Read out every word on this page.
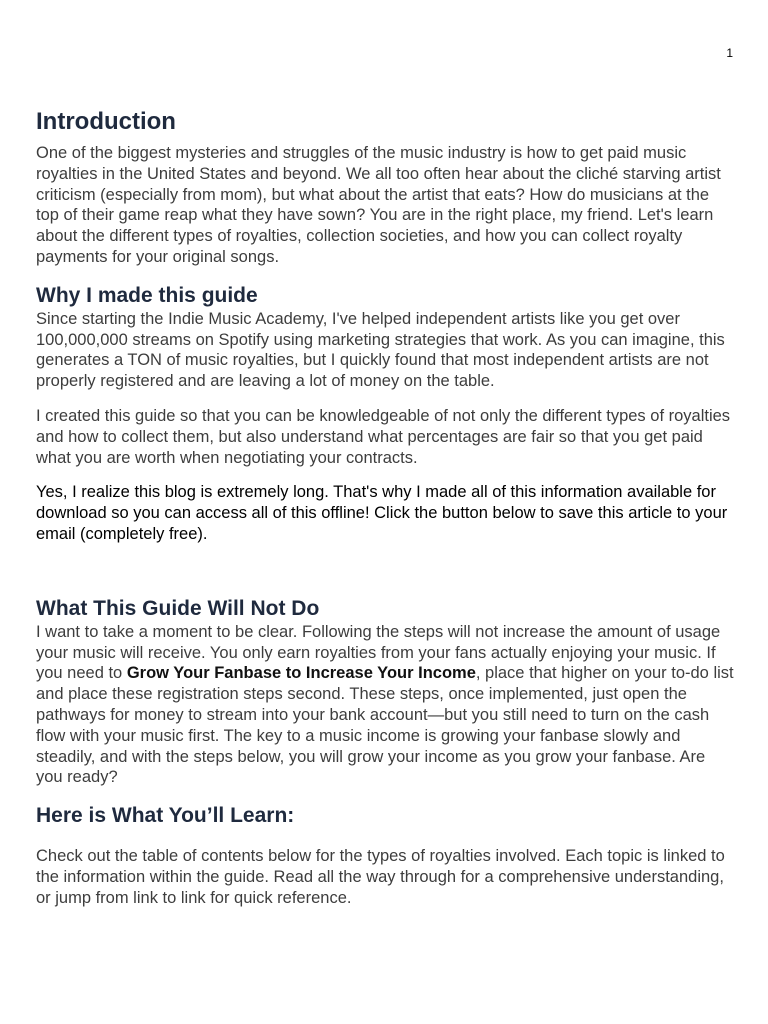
1
Introduction

One of the biggest mysteries and struggles of the music industry is how to get paid music royalties in the United States and beyond. We all too often hear about the cliché starving artist criticism (especially from mom), but what about the artist that eats? How do musicians at the top of their game reap what they have sown? You are in the right place, my friend. Let's learn about the different types of royalties, collection societies, and how you can collect royalty payments for your original songs.

Why I made this guide

Since starting the Indie Music Academy, I've helped independent artists like you get over 100,000,000 streams on Spotify using marketing strategies that work. As you can imagine, this generates a TON of music royalties, but I quickly found that most independent artists are not properly registered and are leaving a lot of money on the table.

I created this guide so that you can be knowledgeable of not only the different types of royalties and how to collect them, but also understand what percentages are fair so that you get paid what you are worth when negotiating your contracts.

Yes, I realize this blog is extremely long. That's why I made all of this information available for download so you can access all of this offline! Click the button below to save this article to your email (completely free).

What This Guide Will Not Do

I want to take a moment to be clear. Following the steps will not increase the amount of usage your music will receive. You only earn royalties from your fans actually enjoying your music. If you need to Grow Your Fanbase to Increase Your Income, place that higher on your to-do list and place these registration steps second. These steps, once implemented, just open the pathways for money to stream into your bank account—but you still need to turn on the cash flow with your music first. The key to a music income is growing your fanbase slowly and steadily, and with the steps below, you will grow your income as you grow your fanbase. Are you ready?

Here is What You’ll Learn:

Check out the table of contents below for the types of royalties involved. Each topic is linked to the information within the guide. Read all the way through for a comprehensive understanding, or jump from link to link for quick reference.
